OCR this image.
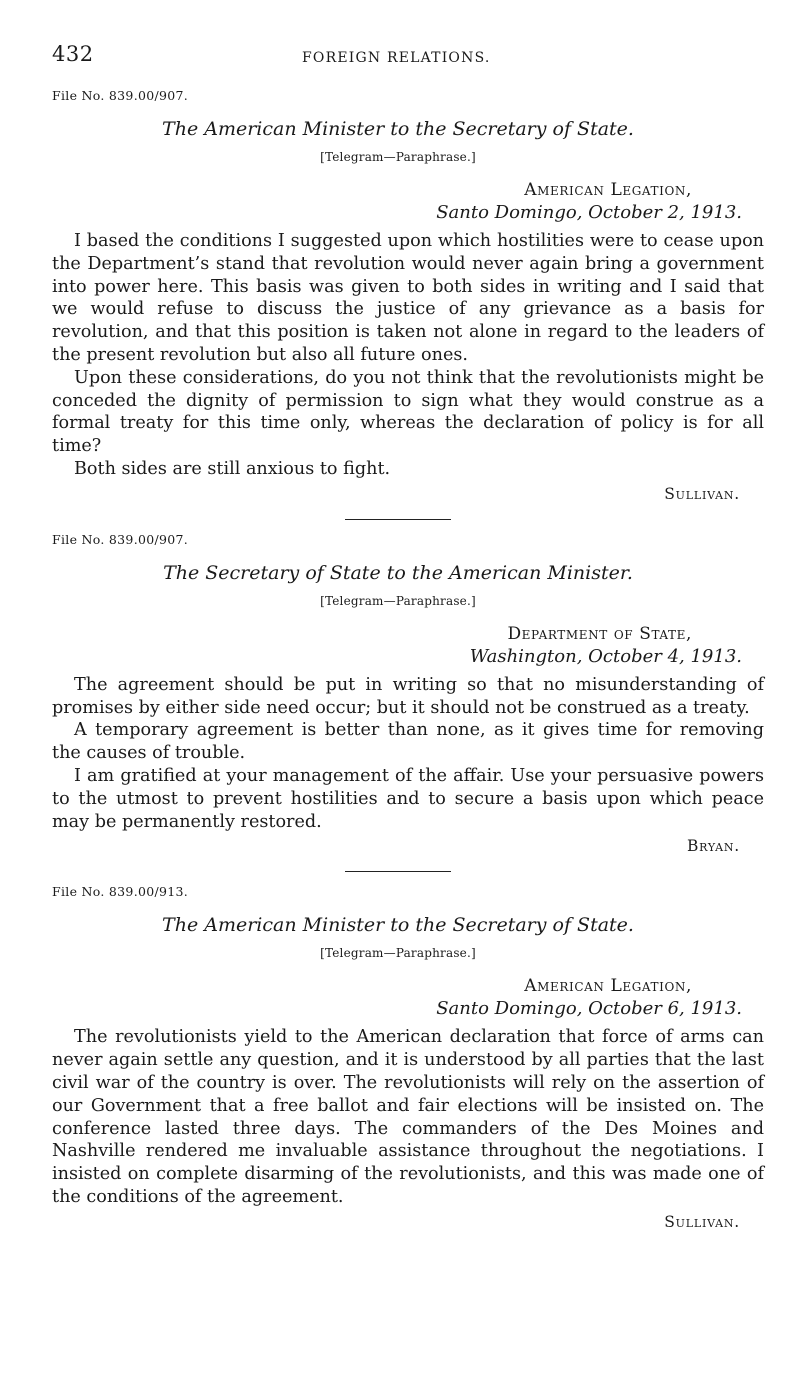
432	FOREIGN RELATIONS.
File No. 839.00/907.
The American Minister to the Secretary of State.
[Telegram—Paraphrase.]
American Legation,
Santo Domingo, October 2, 1913.

I based the conditions I suggested upon which hostilities were to cease upon the Department’s stand that revolution would never again bring a government into power here. This basis was given to both sides in writing and I said that we would refuse to discuss the justice of any grievance as a basis for revolution, and that this position is taken not alone in regard to the leaders of the present revolution but also all future ones.

Upon these considerations, do you not think that the revolutionists might be conceded the dignity of permission to sign what they would construe as a formal treaty for this time only, whereas the declaration of policy is for all time?

Both sides are still anxious to fight.

Sullivan.
File No. 839.00/907.
The Secretary of State to the American Minister.
[Telegram—Paraphrase.]
Department of State,
Washington, October 4, 1913.

The agreement should be put in writing so that no misunderstanding of promises by either side need occur; but it should not be construed as a treaty.

A temporary agreement is better than none, as it gives time for removing the causes of trouble.

I am gratified at your management of the affair. Use your persuasive powers to the utmost to prevent hostilities and to secure a basis upon which peace may be permanently restored.

Bryan.
File No. 839.00/913.
The American Minister to the Secretary of State.
[Telegram—Paraphrase.]
American Legation,
Santo Domingo, October 6, 1913.

The revolutionists yield to the American declaration that force of arms can never again settle any question, and it is understood by all parties that the last civil war of the country is over. The revolutionists will rely on the assertion of our Government that a free ballot and fair elections will be insisted on. The conference lasted three days. The commanders of the Des Moines and Nashville rendered me invaluable assistance throughout the negotiations. I insisted on complete disarming of the revolutionists, and this was made one of the conditions of the agreement.

Sullivan.
